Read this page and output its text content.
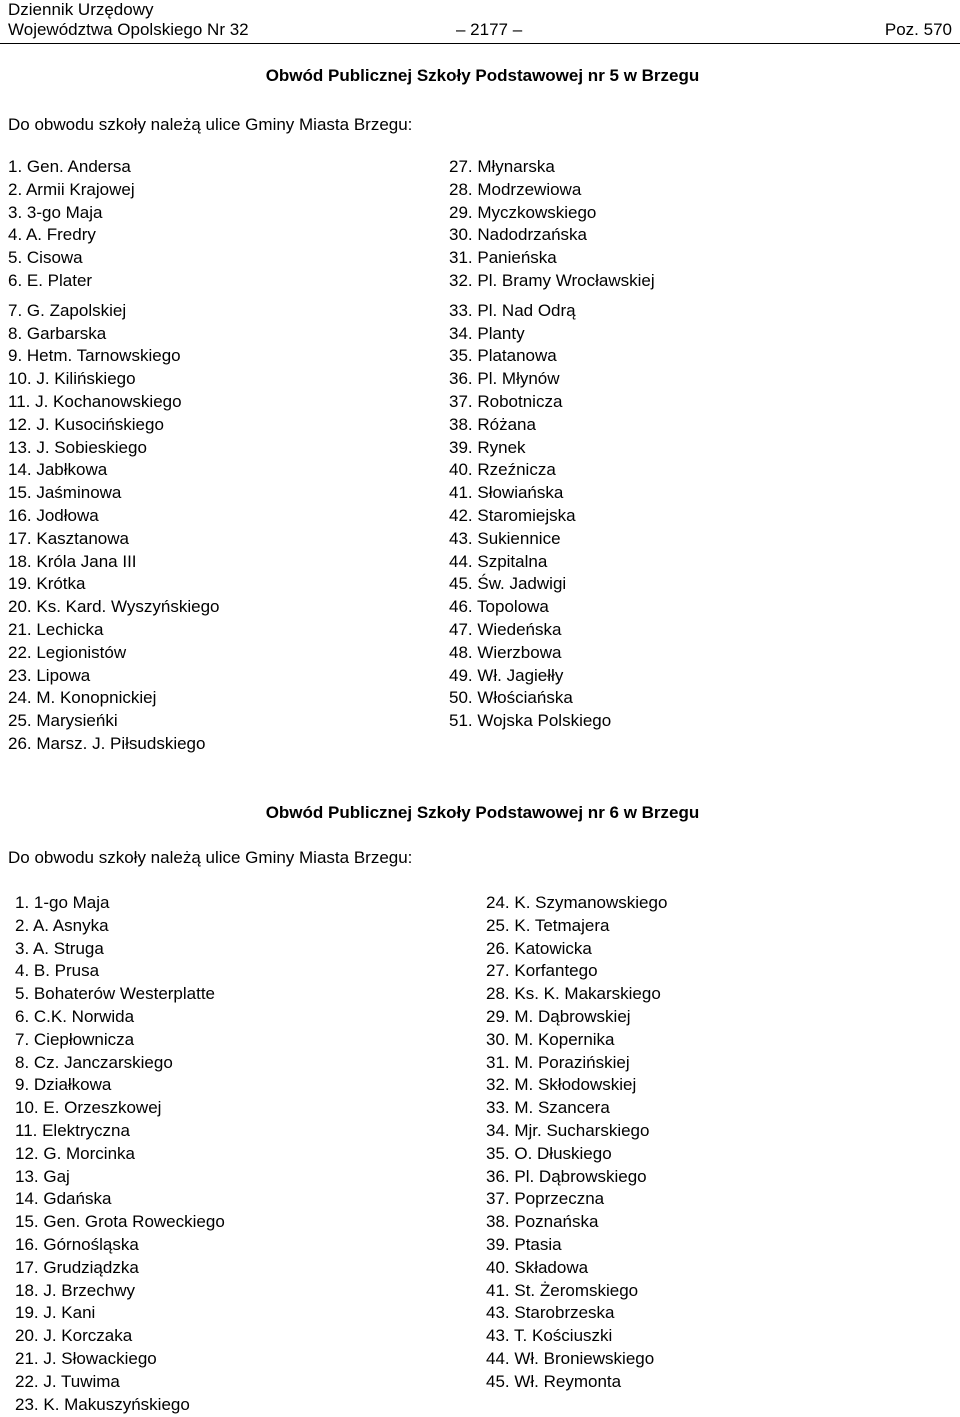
Dziennik Urzędowy
Województwa Opolskiego Nr 32	– 2177 –	Poz. 570
Obwód Publicznej Szkoły Podstawowej nr 5 w Brzegu
Do obwodu szkoły należą ulice Gminy Miasta Brzegu:
1. Gen. Andersa
2. Armii Krajowej
3. 3-go Maja
4. A. Fredry
5. Cisowa
6. E. Plater
7. G. Zapolskiej
8. Garbarska
9. Hetm. Tarnowskiego
10. J. Kilińskiego
11. J. Kochanowskiego
12. J. Kusocińskiego
13. J. Sobieskiego
14. Jabłkowa
15. Jaśminowa
16. Jodłowa
17. Kasztanowa
18. Króla Jana III
19. Krótka
20. Ks. Kard. Wyszyńskiego
21. Lechicka
22. Legionistów
23. Lipowa
24. M. Konopnickiej
25. Marysieńki
26. Marsz. J. Piłsudskiego
27. Młynarska
28. Modrzewiowa
29. Myczkowskiego
30. Nadodrzańska
31. Panieńska
32. Pl. Bramy Wrocławskiej
33. Pl. Nad Odrą
34. Planty
35. Platanowa
36. Pl. Młynów
37. Robotnicza
38. Różana
39. Rynek
40. Rzeźnicza
41. Słowiańska
42. Staromiejska
43. Sukiennice
44. Szpitalna
45. Św. Jadwigi
46. Topolowa
47. Wiedeńska
48. Wierzbowa
49. Wł. Jagiełły
50. Włościańska
51. Wojska Polskiego
Obwód Publicznej Szkoły Podstawowej nr 6 w Brzegu
Do obwodu szkoły należą ulice Gminy Miasta Brzegu:
1. 1-go Maja
2. A. Asnyka
3. A. Struga
4. B. Prusa
5. Bohaterów Westerplatte
6. C.K. Norwida
7. Ciepłownicza
8. Cz. Janczarskiego
9. Działkowa
10. E. Orzeszkowej
11. Elektryczna
12. G. Morcinka
13. Gaj
14. Gdańska
15. Gen. Grota Roweckiego
16. Górnośląska
17. Grudziądzka
18. J. Brzechwy
19. J. Kani
20. J. Korczaka
21. J. Słowackiego
22. J. Tuwima
23. K. Makuszyńskiego
24. K. Szymanowskiego
25. K. Tetmajera
26. Katowicka
27. Korfantego
28. Ks. K. Makarskiego
29. M. Dąbrowskiej
30. M. Kopernika
31. M. Porazińskiej
32. M. Skłodowskiej
33. M. Szancera
34. Mjr. Sucharskiego
35. O. Dłuskiego
36. Pl. Dąbrowskiego
37. Poprzeczna
38. Poznańska
39. Ptasia
40. Składowa
41. St. Żeromskiego
43. Starobrzeska
43. T. Kościuszki
44. Wł. Broniewskiego
45. Wł. Reymonta
